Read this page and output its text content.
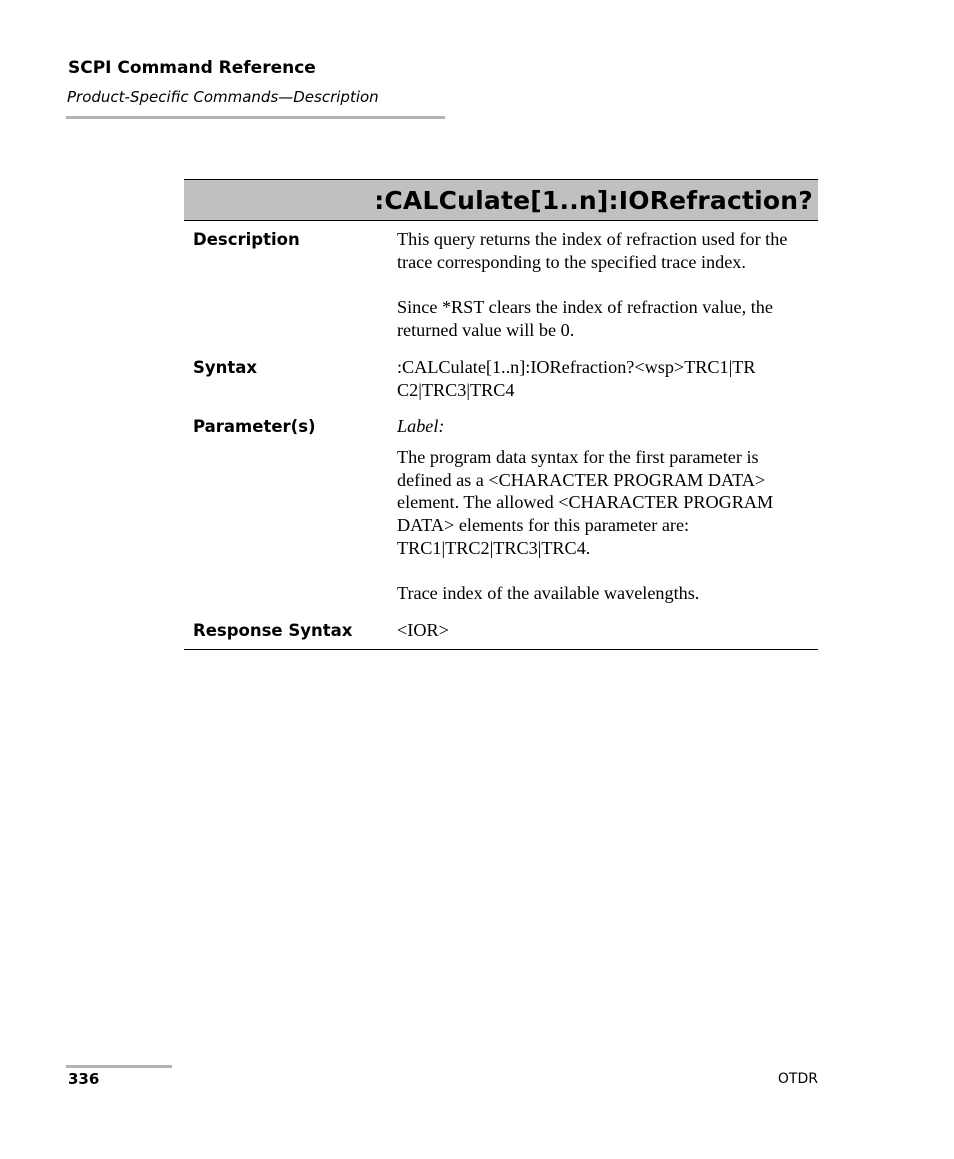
SCPI Command Reference

Product-Specific Commands—Description

:CALCulate[1..n]:IORefraction?
Description	This query returns the index of refraction used for the trace corresponding to the specified trace index.

Since *RST clears the index of refraction value, the returned value will be 0.

Syntax	:CALCulate[1..n]:IORefraction?<wsp>TRC1|TR

C2|TRC3|TRC4

Parameter(s)	Label:

The program data syntax for the first parameter is defined as a <CHARACTER PROGRAM DATA> element. The allowed <CHARACTER PROGRAM DATA> elements for this parameter are: TRC1|TRC2|TRC3|TRC4.

Trace index of the available wavelengths.

Response Syntax	<IOR>

336	OTDR
